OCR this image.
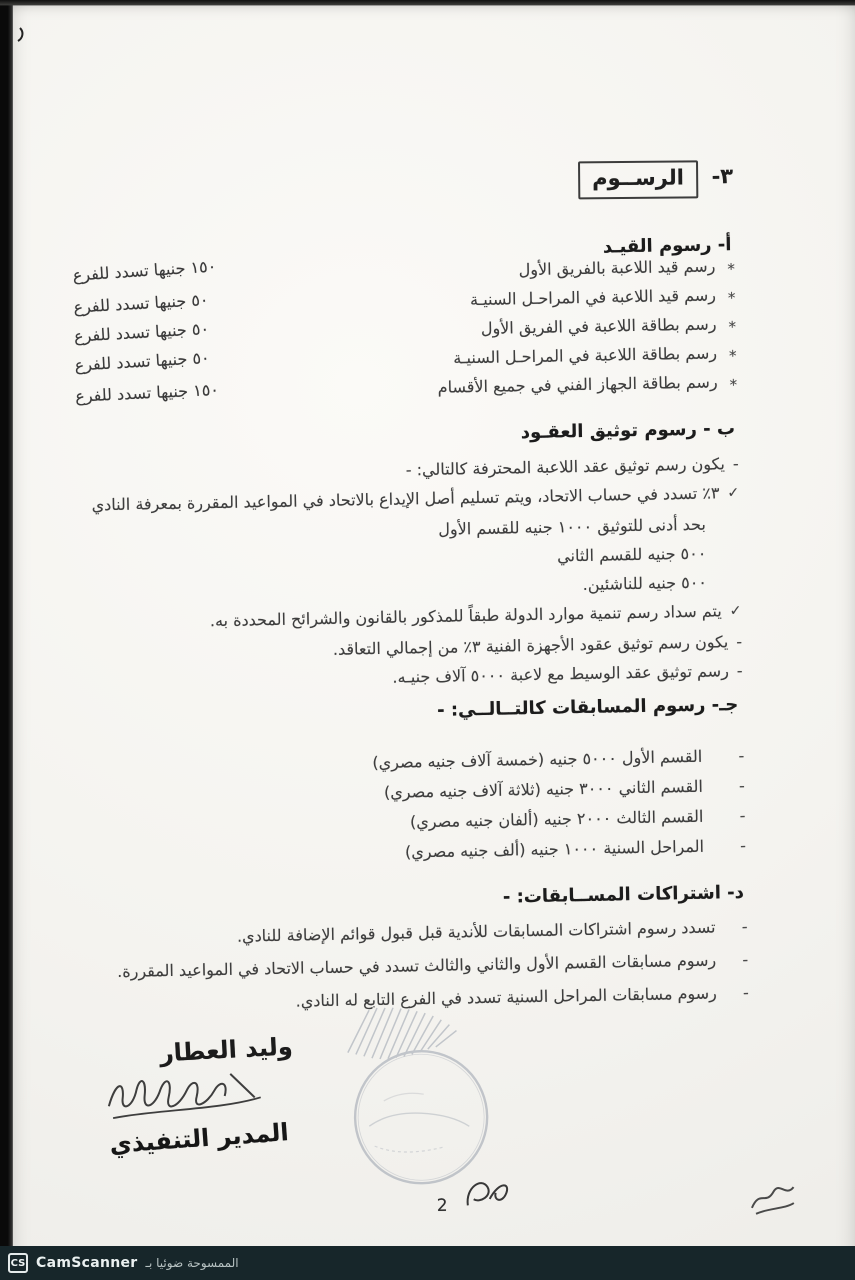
٣- الرســوم
أ- رسوم القيـد
*رسم قيد اللاعبة بالفريق الأول
١٥٠ جنيها تسدد للفرع
*رسم قيد اللاعبة في المراحـل السنيـة
٥٠ جنيها تسدد للفرع
*رسم بطاقة اللاعبة في الفريق الأول
٥٠ جنيها تسدد للفرع
*رسم بطاقة اللاعبة في المراحـل السنيـة
٥٠ جنيها تسدد للفرع
*رسم بطاقة الجهاز الفني في جميع الأقسام
١٥٠ جنيها تسدد للفرع
ب - رسوم توثيق العقـود
-
يكون رسم توثيق عقد اللاعبة المحترفة كالتالي: -
✓
٣٪ تسدد في حساب الاتحاد، ويتم تسليم أصل الإيداع بالاتحاد في المواعيد المقررة بمعرفة النادي
بحد أدنى للتوثيق ١٠٠٠ جنيه للقسم الأول
٥٠٠ جنيه للقسم الثاني
٥٠٠ جنيه للناشئين.
✓
يتم سداد رسم تنمية موارد الدولة طبقاً للمذكور بالقانون والشرائح المحددة به.
-
يكون رسم توثيق عقود الأجهزة الفنية ٣٪ من إجمالي التعاقد.
-
رسم توثيق عقد الوسيط مع لاعبة ٥٠٠٠ آلاف جنيـه.
جـ- رسوم المسابقات كالتــالــي: -
-
القسم الأول ٥٠٠٠ جنيه (خمسة آلاف جنيه مصري)
-
القسم الثاني ٣٠٠٠ جنيه (ثلاثة آلاف جنيه مصري)
-
القسم الثالث ٢٠٠٠ جنيه (ألفان جنيه مصري)
-
المراحل السنية ١٠٠٠ جنيه (ألف جنيه مصري)
د- اشتراكات المســابقات: -
-
تسدد رسوم اشتراكات المسابقات للأندية قبل قبول قوائم الإضافة للنادي.
-
رسوم مسابقات القسم الأول والثاني والثالث تسدد في حساب الاتحاد في المواعيد المقررة.
-
رسوم مسابقات المراحل السنية تسدد في الفرع التابع له النادي.
وليد العطار
المدير التنفيذي
2
CS CamScanner الممسوحة ضوئيا بـ
